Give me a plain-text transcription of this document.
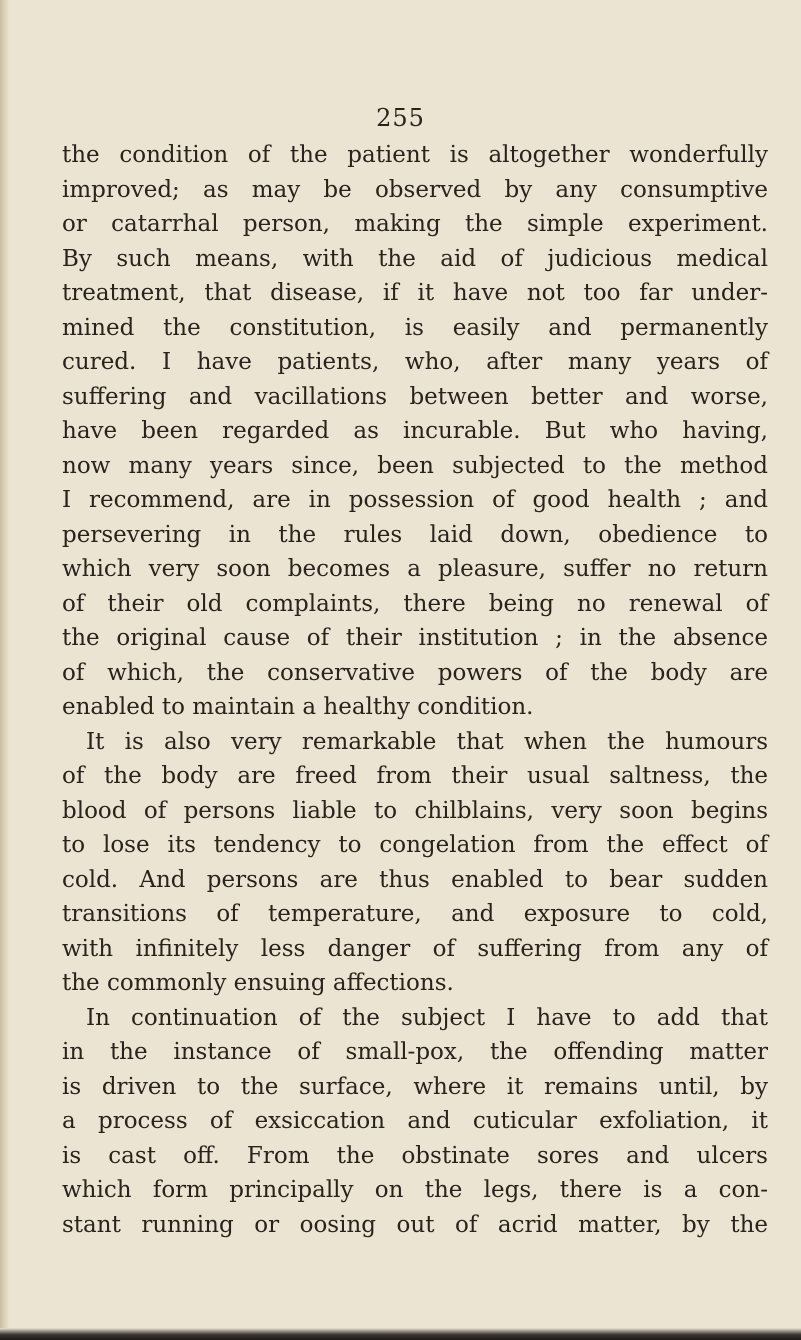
255
the condition of the patient is altogether wonderfully
improved; as may be observed by any consumptive
or catarrhal person, making the simple experiment.
By such means, with the aid of judicious medical
treatment, that disease, if it have not too far under-
mined the constitution, is easily and permanently
cured. I have patients, who, after many years of
suffering and vacillations between better and worse,
have been regarded as incurable. But who having,
now many years since, been subjected to the method
I recommend, are in possession of good health ; and
persevering in the rules laid down, obedience to
which very soon becomes a pleasure, suffer no return
of their old complaints, there being no renewal of
the original cause of their institution ; in the absence
of which, the conservative powers of the body are
enabled to maintain a healthy condition.
It is also very remarkable that when the humours
of the body are freed from their usual saltness, the
blood of persons liable to chilblains, very soon begins
to lose its tendency to congelation from the effect of
cold. And persons are thus enabled to bear sudden
transitions of temperature, and exposure to cold,
with infinitely less danger of suffering from any of
the commonly ensuing affections.
In continuation of the subject I have to add that
in the instance of small-pox, the offending matter
is driven to the surface, where it remains until, by
a process of exsiccation and cuticular exfoliation, it
is cast off. From the obstinate sores and ulcers
which form principally on the legs, there is a con-
stant running or oosing out of acrid matter, by the
